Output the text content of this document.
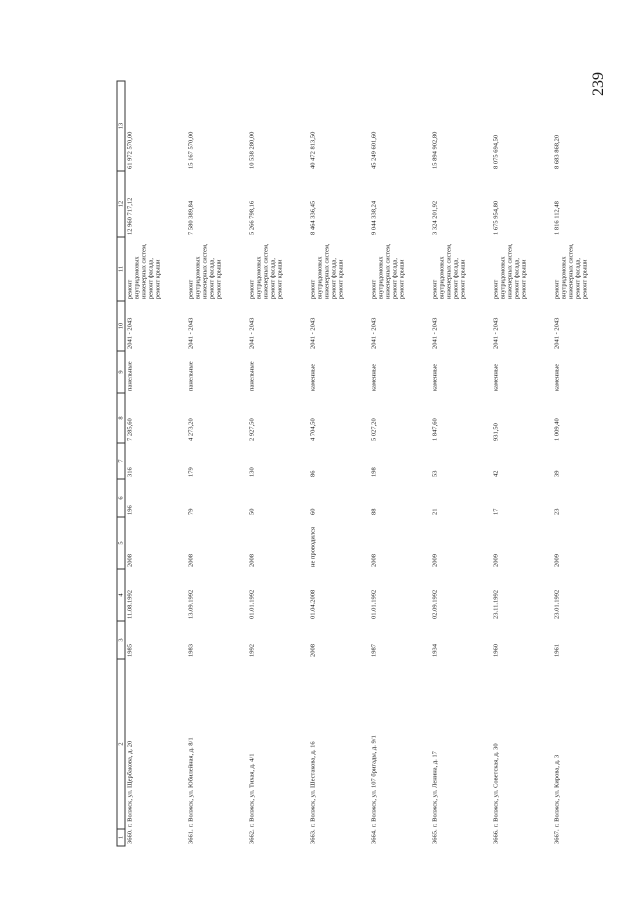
239
1	2	3	4	5	6	7	8	9	10	11	12	13
3660.	г. Волжск, ул. Щербакова, д. 20	1985	11.08.1992	2008	196	316	7 285,60	панельные	2041 - 2043	ремонт внутридомовых инженерных систем, ремонт фасада, ремонт крыши	12 960 717,12	61 972 570,00
3661.	г. Волжск, ул. Юбилейная, д. 8/1	1983	13.09.1992	2008	79	179	4 273,20	панельные	2041 - 2043	ремонт внутридомовых инженерных систем, ремонт фасада, ремонт крыши	7 580 389,84	15 167 570,00
3662.	г. Волжск, ул. Тихая, д. 4/1	1992	01.01.1992	2008	50	130	2 927,50	панельные	2041 - 2043	ремонт внутридомовых инженерных систем, ремонт фасада, ремонт крыши	5 266 798,16	10 538 280,00
3663.	г. Волжск, ул. Шестакова, д. 16	2008	01.04.2008	не проводился	60	86	4 704,50	каменные	2041 - 2043	ремонт внутридомовых инженерных систем, ремонт фасада, ремонт крыши	8 464 336,45	40 472 813,50
3664.	г. Волжск, ул. 107 бригады, д. 9/1	1987	01.01.1992	2008	88	198	5 027,20	каменные	2041 - 2043	ремонт внутридомовых инженерных систем, ремонт фасада, ремонт крыши	9 044 338,24	45 249 601,60
3665.	г. Волжск, ул. Ленина, д. 17	1934	02.09.1992	2009	21	53	1 847,60	каменные	2041 - 2043	ремонт внутридомовых инженерных систем, ремонт фасада, ремонт крыши	3 324 201,92	15 894 902,80
3666.	г. Волжск, ул. Советская, д. 30	1960	23.11.1992	2009	17	42	931,50	каменные	2041 - 2043	ремонт внутридомовых инженерных систем, ремонт фасада, ремонт крыши	1 675 954,80	8 075 694,50
3667.	г. Волжск, ул. Кирова, д. 3	1961	23.01.1992	2009	23	39	1 009,40	каменные	2041 - 2043	ремонт внутридомовых инженерных систем, ремонт фасада, ремонт крыши	1 816 112,48	8 683 868,20
